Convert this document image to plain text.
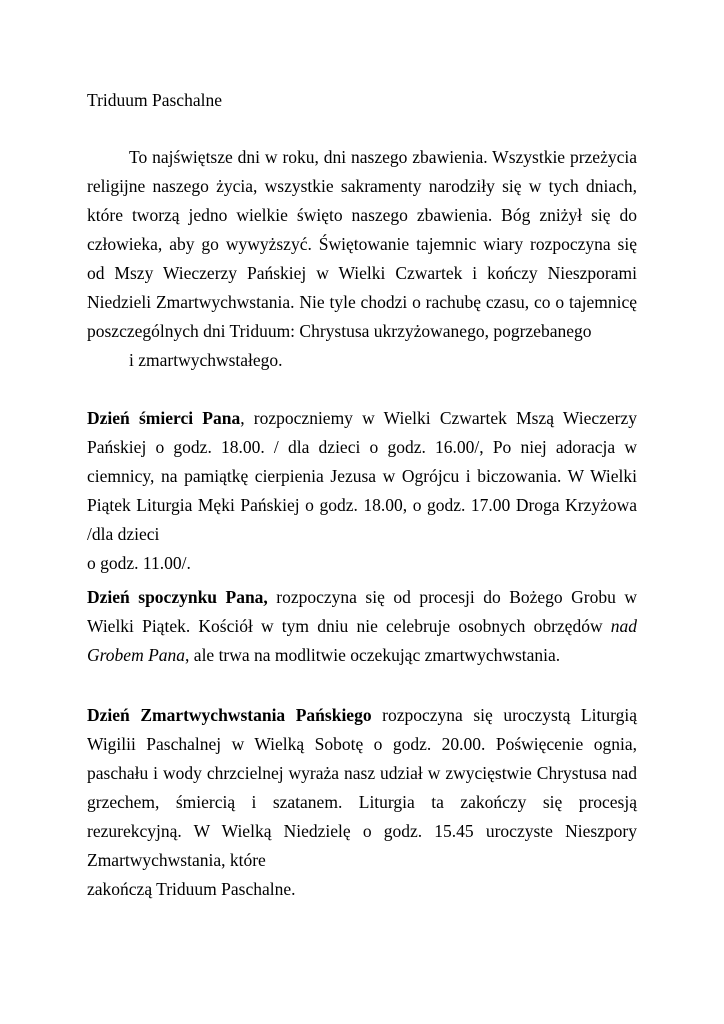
Triduum Paschalne

To najświętsze dni w roku, dni naszego zbawienia. Wszystkie przeżycia religijne naszego życia, wszystkie sakramenty narodziły się w tych dniach, które tworzą jedno wielkie święto naszego zbawienia. Bóg zniżył się do człowieka, aby go wywyższyć. Świętowanie tajemnic wiary rozpoczyna się od Mszy Wieczerzy Pańskiej w Wielki Czwartek i kończy Nieszporami Niedzieli Zmartwychwstania. Nie tyle chodzi o rachubę czasu, co o tajemnicę poszczególnych dni Triduum: Chrystusa ukrzyżowanego, pogrzebanego
i zmartwychwstałego.

Dzień śmierci Pana, rozpoczniemy w Wielki Czwartek Mszą Wieczerzy Pańskiej o godz. 18.00. / dla dzieci o godz. 16.00/, Po niej adoracja w ciemnicy, na pamiątkę cierpienia Jezusa w Ogrójcu i biczowania. W Wielki Piątek Liturgia Męki Pańskiej o godz. 18.00, o godz. 17.00 Droga Krzyżowa /dla dzieci
o godz. 11.00/.

Dzień spoczynku Pana, rozpoczyna się od procesji do Bożego Grobu w Wielki Piątek. Kościół w tym dniu nie celebruje osobnych obrzędów nad Grobem Pana, ale trwa na modlitwie oczekując zmartwychwstania.

Dzień Zmartwychwstania Pańskiego rozpoczyna się uroczystą Liturgią Wigilii Paschalnej w Wielką Sobotę o godz. 20.00. Poświęcenie ognia, paschału i wody chrzcielnej wyraża nasz udział w zwycięstwie Chrystusa nad grzechem, śmiercią i szatanem. Liturgia ta zakończy się procesją rezurekcyjną. W Wielką Niedzielę o godz. 15.45 uroczyste Nieszpory Zmartwychwstania, które
zakończą Triduum Paschalne.
